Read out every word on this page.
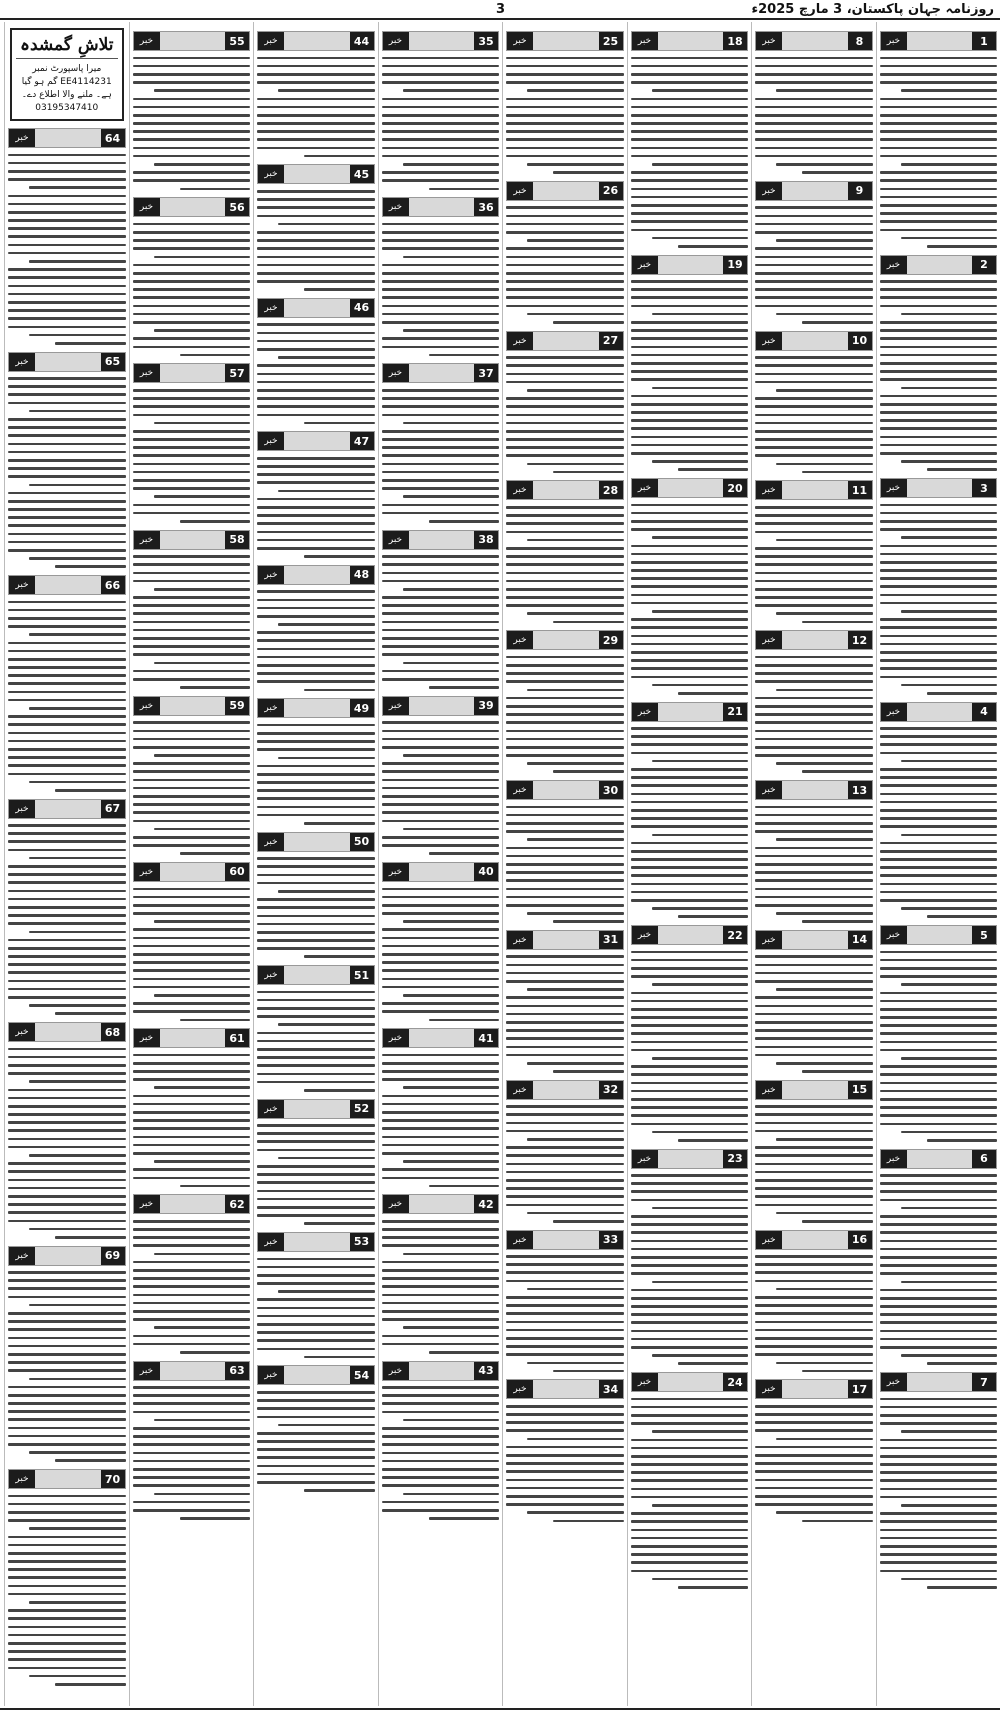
روزنامہ جہان پاکستان، 3 مارچ 2025ء
3
1
خبر
2
خبر
3
خبر
4
خبر
5
خبر
6
خبر
7
خبر
8
خبر
9
خبر
10
خبر
11
خبر
12
خبر
13
خبر
14
خبر
15
خبر
16
خبر
17
خبر
18
خبر
19
خبر
20
خبر
21
خبر
22
خبر
23
خبر
24
خبر
25
خبر
26
خبر
27
خبر
28
خبر
29
خبر
30
خبر
31
خبر
32
خبر
33
خبر
34
خبر
35
خبر
36
خبر
37
خبر
38
خبر
39
خبر
40
خبر
41
خبر
42
خبر
43
خبر
44
خبر
45
خبر
46
خبر
47
خبر
48
خبر
49
خبر
50
خبر
51
خبر
52
خبر
53
خبر
54
خبر
55
خبر
56
خبر
57
خبر
58
خبر
59
خبر
60
خبر
61
خبر
62
خبر
63
خبر
تلاشِ گمشدہ
میرا پاسپورٹ نمبر EE4114231 گم ہو گیا ہے۔ ملنے والا اطلاع دے۔ 03195347410
64
خبر
65
خبر
66
خبر
67
خبر
68
خبر
69
خبر
70
خبر
